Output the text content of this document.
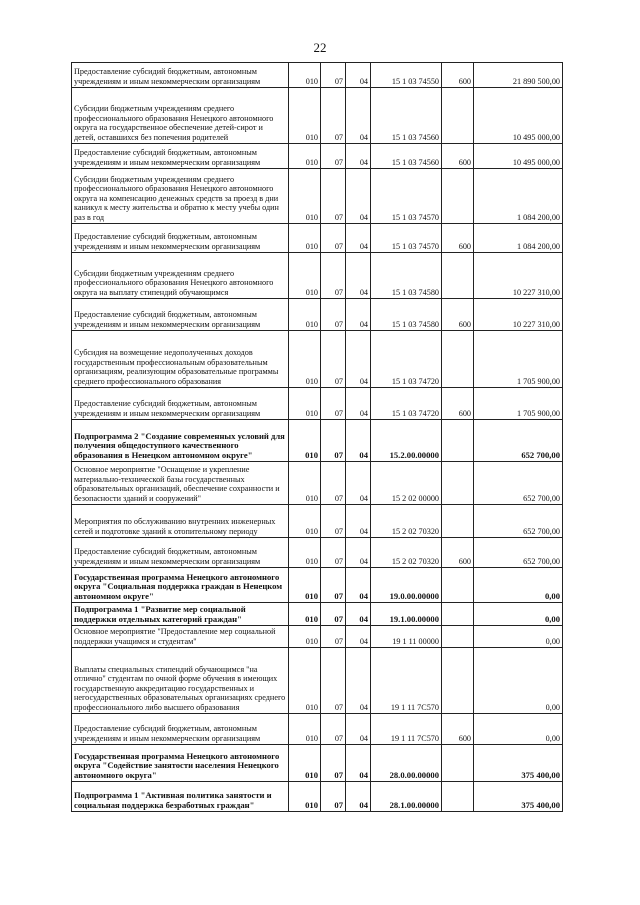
22
Предоставление субсидий бюджетным, автономным учреждениям и иным некоммерческим организациям	010	07	04	15 1 03 74550	600	21 890 500,00
Субсидии бюджетным учреждениям среднего профессионального образования Ненецкого автономного округа на государственное обеспечение детей-сирот и детей, оставшихся без попечения родителей	010	07	04	15 1 03 74560		10 495 000,00
Предоставление субсидий бюджетным, автономным учреждениям и иным некоммерческим организациям	010	07	04	15 1 03 74560	600	10 495 000,00
Субсидии бюджетным учреждениям среднего профессионального образования Ненецкого автономного округа на компенсацию денежных средств за проезд в дни каникул к месту жительства и обратно к месту учебы один раз в год	010	07	04	15 1 03 74570		1 084 200,00
Предоставление субсидий бюджетным, автономным учреждениям и иным некоммерческим организациям	010	07	04	15 1 03 74570	600	1 084 200,00
Субсидии бюджетным учреждениям среднего профессионального образования Ненецкого автономного округа на выплату стипендий обучающимся	010	07	04	15 1 03 74580		10 227 310,00
Предоставление субсидий бюджетным, автономным учреждениям и иным некоммерческим организациям	010	07	04	15 1 03 74580	600	10 227 310,00
Субсидия на возмещение недополученных доходов государственным профессиональным образовательным организациям, реализующим образовательные программы среднего профессионального образования	010	07	04	15 1 03 74720		1 705 900,00
Предоставление субсидий бюджетным, автономным учреждениям и иным некоммерческим организациям	010	07	04	15 1 03 74720	600	1 705 900,00
Подпрограмма 2 "Создание современных условий для получения общедоступного качественного образования в Ненецком автономном округе"	010	07	04	15.2.00.00000		652 700,00
Основное мероприятие "Оснащение и укрепление материально-технической базы государственных образовательных организаций, обеспечение сохранности и безопасности зданий и сооружений"	010	07	04	15 2 02 00000		652 700,00
Мероприятия по обслуживанию внутренних инженерных сетей и подготовке зданий к отопительному периоду	010	07	04	15 2 02 70320		652 700,00
Предоставление субсидий бюджетным, автономным учреждениям и иным некоммерческим организациям	010	07	04	15 2 02 70320	600	652 700,00
Государственная программа Ненецкого автономного округа "Социальная поддержка граждан в Ненецком автономном округе"	010	07	04	19.0.00.00000		0,00
Подпрограмма 1 "Развитие мер социальной поддержки отдельных категорий граждан"	010	07	04	19.1.00.00000		0,00
Основное мероприятие "Предоставление мер социальной поддержки учащимся и студентам"	010	07	04	19 1 11 00000		0,00
Выплаты специальных стипендий обучающимся "на отлично" студентам по очной форме обучения в имеющих государственную аккредитацию государственных и негосударственных образовательных организациях среднего профессионального либо высшего образования	010	07	04	19 1 11 7С570		0,00
Предоставление субсидий бюджетным, автономным учреждениям и иным некоммерческим организациям	010	07	04	19 1 11 7С570	600	0,00
Государственная программа Ненецкого автономного округа "Содействие занятости населения Ненецкого автономного округа"	010	07	04	28.0.00.00000		375 400,00
Подпрограмма 1 "Активная политика занятости и социальная поддержка безработных граждан"	010	07	04	28.1.00.00000		375 400,00
